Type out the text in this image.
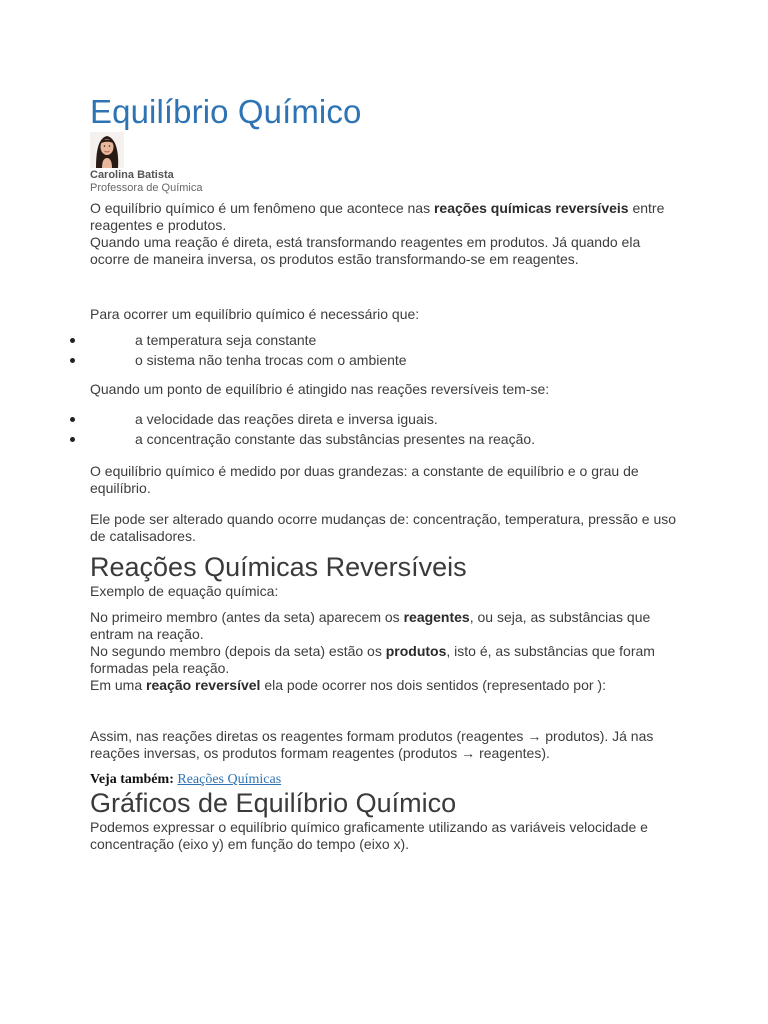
Equilíbrio Químico
Carolina Batista
Professora de Química

O equilíbrio químico é um fenômeno que acontece nas reações químicas reversíveis entre reagentes e produtos.

Quando uma reação é direta, está transformando reagentes em produtos. Já quando ela ocorre de maneira inversa, os produtos estão transformando-se em reagentes.

Para ocorrer um equilíbrio químico é necessário que:

a temperatura seja constante
o sistema não tenha trocas com o ambiente

Quando um ponto de equilíbrio é atingido nas reações reversíveis tem-se:

a velocidade das reações direta e inversa iguais.
a concentração constante das substâncias presentes na reação.

O equilíbrio químico é medido por duas grandezas: a constante de equilíbrio e o grau de equilíbrio.

Ele pode ser alterado quando ocorre mudanças de: concentração, temperatura, pressão e uso de catalisadores.

Reações Químicas Reversíveis

Exemplo de equação química:

No primeiro membro (antes da seta) aparecem os reagentes, ou seja, as substâncias que entram na reação.

No segundo membro (depois da seta) estão os produtos, isto é, as substâncias que foram formadas pela reação.

Em uma reação reversível ela pode ocorrer nos dois sentidos (representado por ):

Assim, nas reações diretas os reagentes formam produtos (reagentes → produtos). Já nas reações inversas, os produtos formam reagentes (produtos → reagentes).

Veja também: Reações Químicas

Gráficos de Equilíbrio Químico

Podemos expressar o equilíbrio químico graficamente utilizando as variáveis velocidade e concentração (eixo y) em função do tempo (eixo x).
